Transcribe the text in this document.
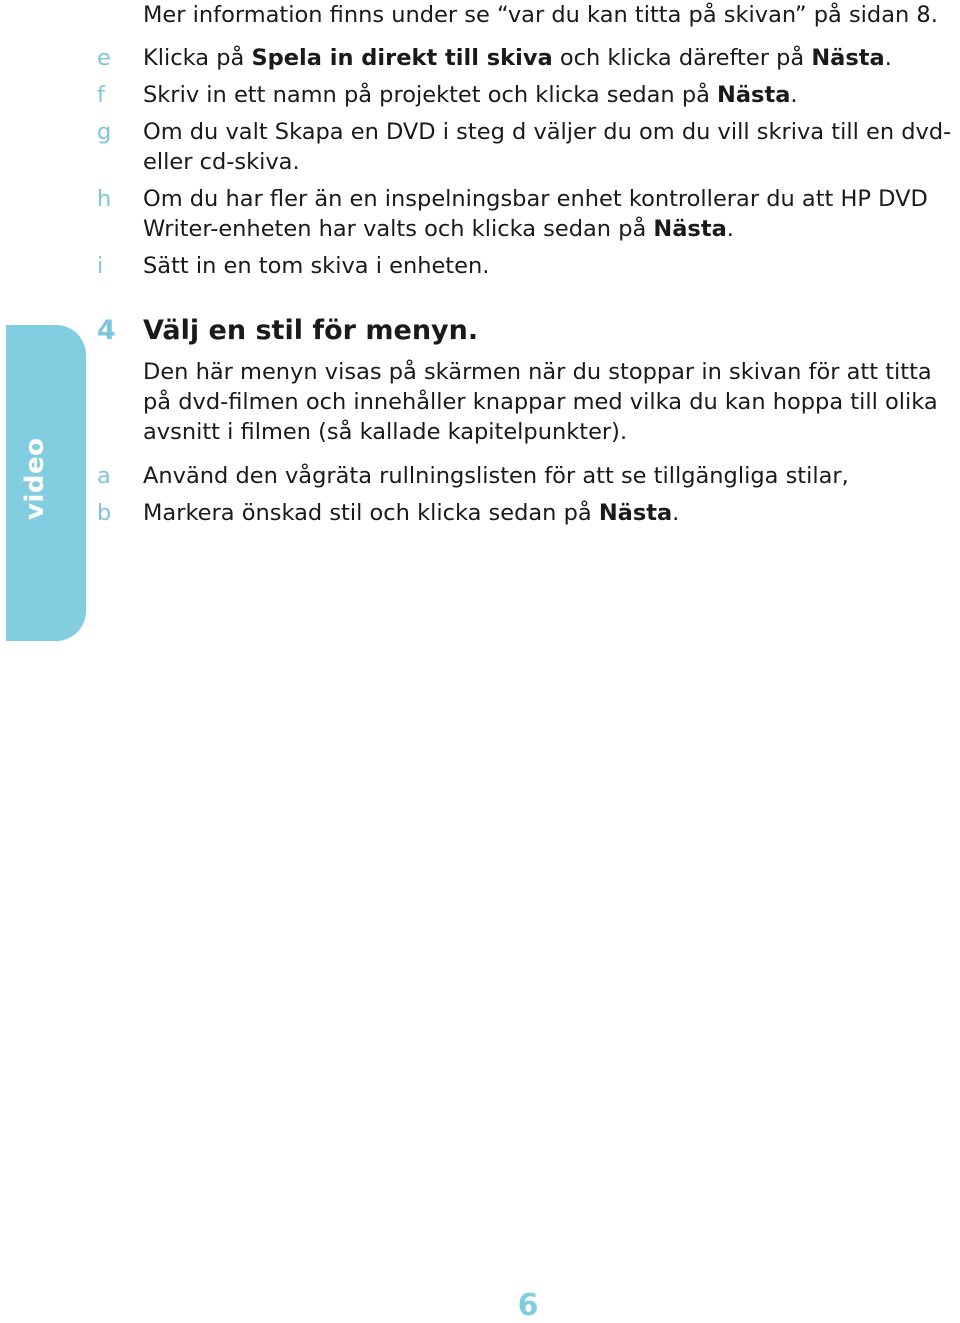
Mer information finns under se “var du kan titta på skivan” på sidan 8.
e Klicka på Spela in direkt till skiva och klicka därefter på Nästa.
f Skriv in ett namn på projektet och klicka sedan på Nästa.
g Om du valt Skapa en DVD i steg d väljer du om du vill skriva till en dvd- eller cd-skiva.
h Om du har fler än en inspelningsbar enhet kontrollerar du att HP DVD Writer-enheten har valts och klicka sedan på Nästa.
i Sätt in en tom skiva i enheten.
video
4 Välj en stil för menyn.
Den här menyn visas på skärmen när du stoppar in skivan för att titta på dvd-filmen och innehåller knappar med vilka du kan hoppa till olika avsnitt i filmen (så kallade kapitelpunkter).
a Använd den vågräta rullningslisten för att se tillgängliga stilar,
b Markera önskad stil och klicka sedan på Nästa.
6
